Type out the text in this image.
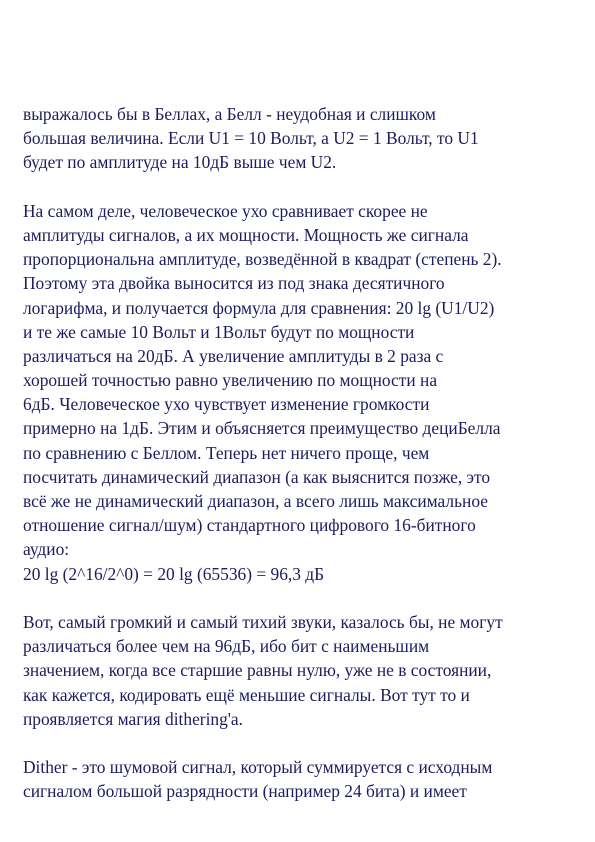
выражалось бы в Беллах, а Белл - неудобная и слишком
большая величина. Если U1 = 10 Вольт, а U2 = 1 Вольт, то U1
будет по амплитуде на 10дБ выше чем U2.
На самом деле, человеческое ухо сравнивает скорее не
амплитуды сигналов, а их мощности. Мощность же сигнала
пропорциональна амплитуде, возведённой в квадрат (степень 2).
Поэтому эта двойка выносится из под знака десятичного
логарифма, и получается формула для сравнения: 20 lg (U1/U2)
и те же самые 10 Вольт и 1Вольт будут по мощности
различаться на 20дБ. А увеличение амплитуды в 2 раза с
хорошей точностью равно увеличению по мощности на
6дБ. Человеческое ухо чувствует изменение громкости
примерно на 1дБ. Этим и объясняется преимущество дециБелла
по сравнению с Беллом. Теперь нет ничего проще, чем
посчитать динамический диапазон (а как выяснится позже, это
всё же не динамический диапазон, а всего лишь максимальное
отношение сигнал/шум) стандартного цифрового 16-битного
аудио:
20 lg (2^16/2^0) = 20 lg (65536) = 96,3 дБ
Вот, самый громкий и самый тихий звуки, казалось бы, не могут
различаться более чем на 96дБ, ибо бит с наименьшим
значением, когда все старшие равны нулю, уже не в состоянии,
как кажется, кодировать ещё меньшие сигналы. Вот тут то и
проявляется магия dithering'а.
Dither - это шумовой сигнал, который суммируется с исходным
сигналом большой разрядности (например 24 бита) и имеет
